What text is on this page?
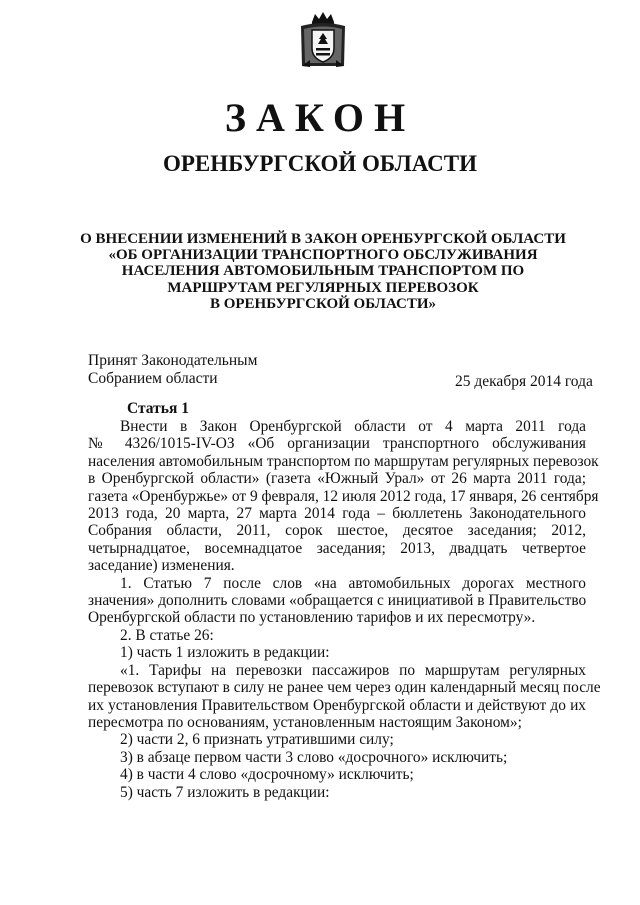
ЗАКОН
ОРЕНБУРГСКОЙ ОБЛАСТИ
О ВНЕСЕНИИ ИЗМЕНЕНИЙ В ЗАКОН ОРЕНБУРГСКОЙ ОБЛАСТИ
«ОБ ОРГАНИЗАЦИИ ТРАНСПОРТНОГО ОБСЛУЖИВАНИЯ
НАСЕЛЕНИЯ АВТОМОБИЛЬНЫМ ТРАНСПОРТОМ ПО
МАРШРУТАМ РЕГУЛЯРНЫХ ПЕРЕВОЗОК
В ОРЕНБУРГСКОЙ ОБЛАСТИ»
Принят Законодательным
Собранием области	25 декабря 2014 года
Статья 1
Внести в Закон Оренбургской области от 4 марта 2011 года
№ 4326/1015-IV-ОЗ «Об организации транспортного обслуживания
населения автомобильным транспортом по маршрутам регулярных перевозок
в Оренбургской области» (газета «Южный Урал» от 26 марта 2011 года;
газета «Оренбуржье» от 9 февраля, 12 июля 2012 года, 17 января, 26 сентября
2013 года, 20 марта, 27 марта 2014 года – бюллетень Законодательного
Собрания области, 2011, сорок шестое, десятое заседания; 2012,
четырнадцатое, восемнадцатое заседания; 2013, двадцать четвертое
заседание) изменения.
1. Статью 7 после слов «на автомобильных дорогах местного
значения» дополнить словами «обращается с инициативой в Правительство
Оренбургской области по установлению тарифов и их пересмотру».
2. В статье 26:
1) часть 1 изложить в редакции:
«1. Тарифы на перевозки пассажиров по маршрутам регулярных
перевозок вступают в силу не ранее чем через один календарный месяц после
их установления Правительством Оренбургской области и действуют до их
пересмотра по основаниям, установленным настоящим Законом»;
2) части 2, 6 признать утратившими силу;
3) в абзаце первом части 3 слово «досрочного» исключить;
4) в части 4 слово «досрочному» исключить;
5) часть 7 изложить в редакции:
